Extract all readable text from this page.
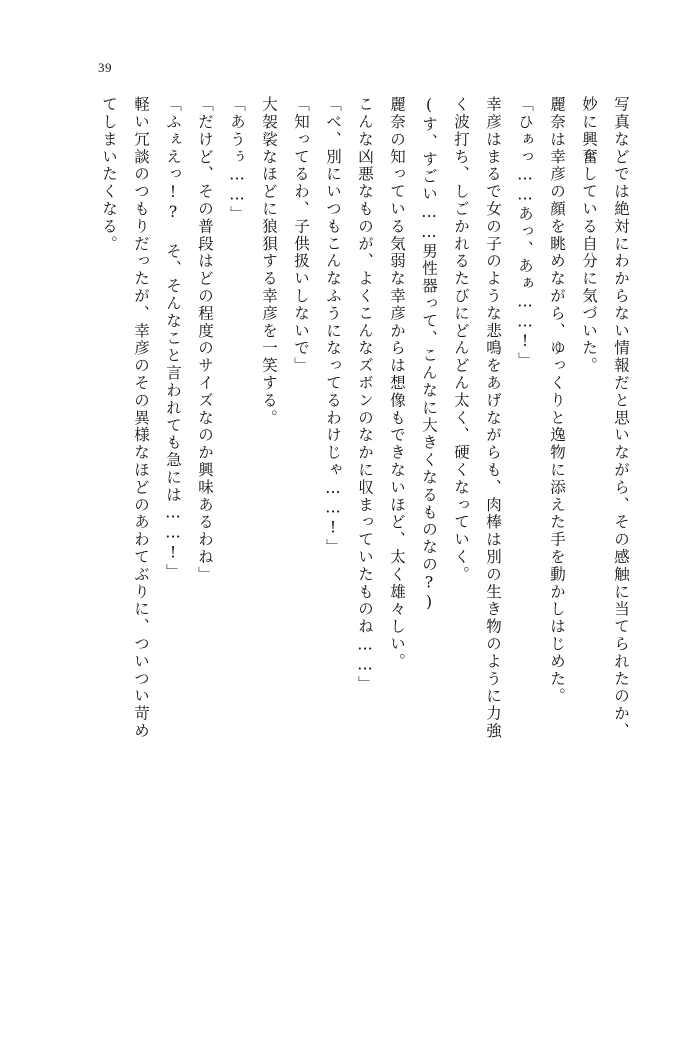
39
写真などでは絶対にわからない情報だと思いながら、その感触に当てられたのか、
妙に興奮している自分に気づいた。
麗奈は幸彦の顔を眺めながら、ゆっくりと逸物に添えた手を動かしはじめた。
「ひぁっ……あっ、あぁ……!」
幸彦はまるで女の子のような悲鳴をあげながらも、肉棒は別の生き物のように力強
く波打ち、しごかれるたびにどんどん太く、硬くなっていく。
(す、すごい……男性器って、こんなに大きくなるものなの?)
麗奈の知っている気弱な幸彦からは想像もできないほど、太く雄々しい。
こんな凶悪なものが、よくこんなズボンのなかに収まっていたものね……」
「べ、別にいつもこんなふうになってるわけじゃ……!」
「知ってるわ、子供扱いしないで」
大袈裟なほどに狼狽する幸彦を一笑する。
「あうぅ……」
「だけど、その普段はどの程度のサイズなのか興味あるわね」
「ふぇえっ!? そ、そんなこと言われても急には……!」
軽い冗談のつもりだったが、幸彦のその異様なほどのあわてぶりに、ついつい苛め
てしまいたくなる。
